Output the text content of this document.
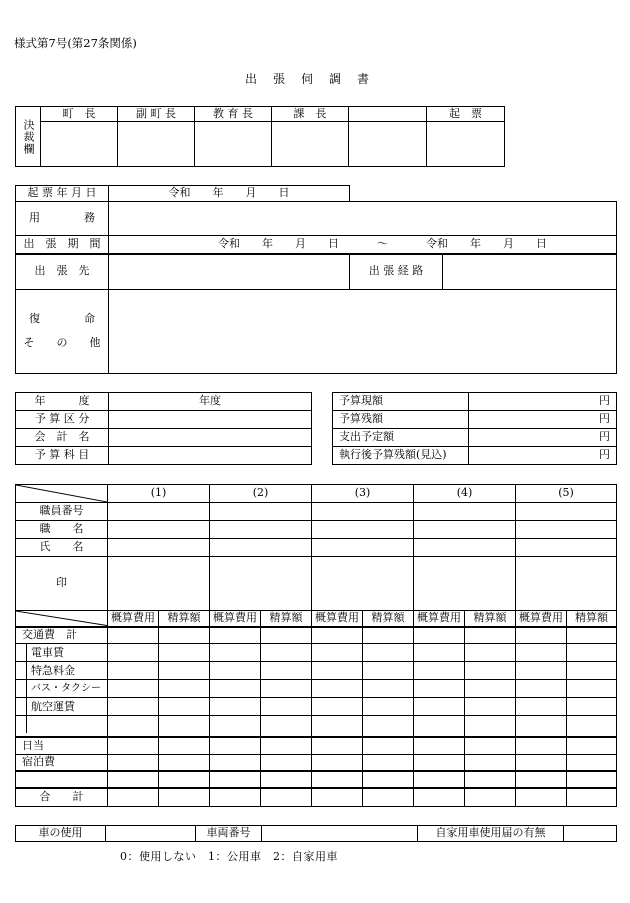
様式第7号(第27条関係)
出張伺調書
決裁欄	町　長	副 町 長	教 育 長	課　長		起　票

起 票 年 月 日	令和　　年　　月　　日	
用　　　　務		
出　張　期　間	令和　　年　　月　　日 ～ 令和　　年　　月　　日	
出　張　先		出 張 経 路

復　　　　命
そ　　の　　他		

年　　　度	年度
予 算 区 分	
会　計　名	
予 算 科 目	
予算現額	円
予算残額	円
支出予定額	円
執行後予算残額(見込)	円
	(1)		(2)		(3)		(4)		(5)	
職員番号										
職　　名										
氏　　名										
印										

	概算費用	精算額	概算費用	精算額	概算費用	精算額	概算費用	精算額	概算費用	精算額
交通費　計										
電車賃										
特急料金										
バス・タクシー										
航空運賃										

日当										
宿泊費										

合　　計										
車の使用		車両番号		自家用車使用届の有無	
0：使用しない　1：公用車　2：自家用車
